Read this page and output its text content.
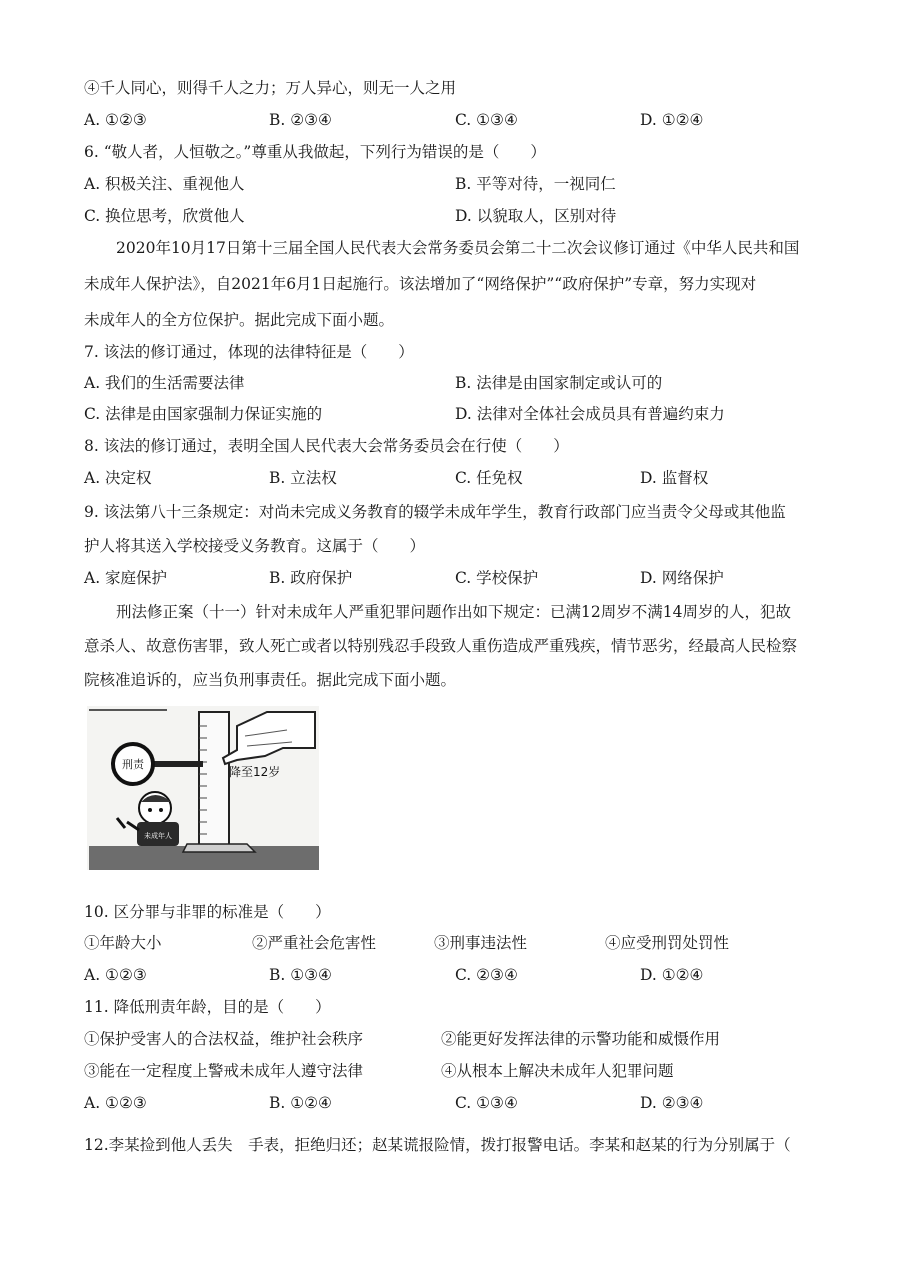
④千人同心，则得千人之力；万人异心，则无一人之用
A. ①②③	B. ②③④	C. ①③④	D. ①②④
6. “敬人者，人恒敬之。”尊重从我做起，下列行为错误的是（　　）
A. 积极关注、重视他人	B. 平等对待，一视同仁
C. 换位思考，欣赏他人	D. 以貌取人，区别对待
2020年10月17日第十三届全国人民代表大会常务委员会第二十二次会议修订通过《中华人民共和国
未成年人保护法》，自2021年6月1日起施行。该法增加了“网络保护”“政府保护”专章，努力实现对
未成年人的全方位保护。据此完成下面小题。
7. 该法的修订通过，体现的法律特征是（　　）
A. 我们的生活需要法律	B. 法律是由国家制定或认可的
C. 法律是由国家强制力保证实施的	D. 法律对全体社会成员具有普遍约束力
8. 该法的修订通过，表明全国人民代表大会常务委员会在行使（　　）
A. 决定权	B. 立法权	C. 任免权	D. 监督权
9. 该法第八十三条规定：对尚未完成义务教育的辍学未成年学生，教育行政部门应当责令父母或其他监
护人将其送入学校接受义务教育。这属于（　　）
A. 家庭保护	B. 政府保护	C. 学校保护	D. 网络保护
刑法修正案（十一）针对未成年人严重犯罪问题作出如下规定：已满12周岁不满14周岁的人，犯故
意杀人、故意伤害罪，致人死亡或者以特别残忍手段致人重伤造成严重残疾，情节恶劣，经最高人民检察
院核准追诉的，应当负刑事责任。据此完成下面小题。
刑责
降至12岁
未成年人
10. 区分罪与非罪的标准是（　　）
①年龄大小	②严重社会危害性	③刑事违法性	④应受刑罚处罚性
A. ①②③	B. ①③④	C. ②③④	D. ①②④
11. 降低刑责年龄，目的是（　　）
①保护受害人的合法权益，维护社会秩序	②能更好发挥法律的示警功能和威慑作用
③能在一定程度上警戒未成年人遵守法律	④从根本上解决未成年人犯罪问题
A. ①②③	B. ①②④	C. ①③④	D. ②③④
12.李某捡到他人丢失　手表，拒绝归还；赵某谎报险情，拨打报警电话。李某和赵某的行为分别属于（
